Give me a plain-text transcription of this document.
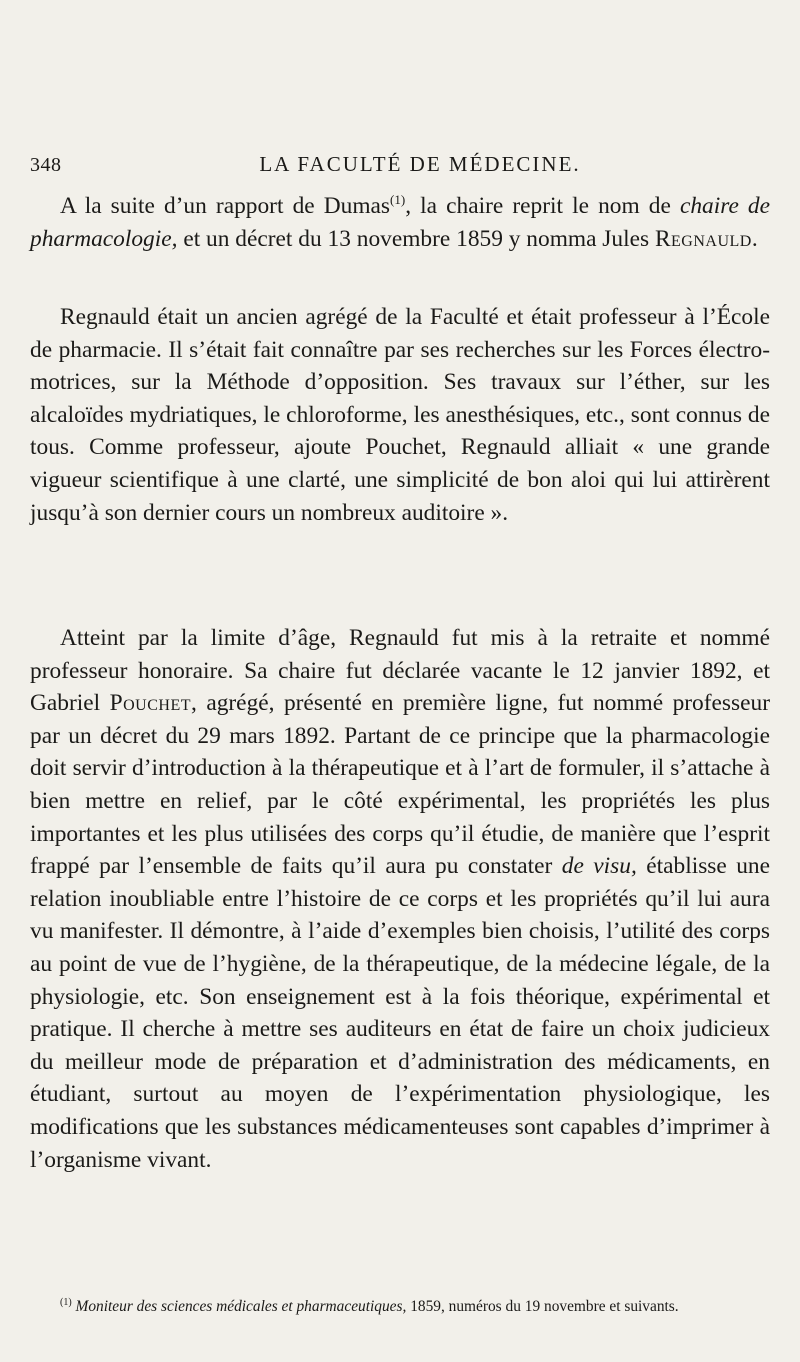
348	LA FACULTÉ DE MÉDECINE.

A la suite d’un rapport de Dumas$^{(1)}$, la chaire reprit le nom de chaire de pharmacologie, et un décret du 13 novembre 1859 y nomma Jules Regnauld.

Regnauld était un ancien agrégé de la Faculté et était professeur à l’École de pharmacie. Il s’était fait connaître par ses recherches sur les Forces électro-motrices, sur la Méthode d’opposition. Ses travaux sur l’éther, sur les alcaloïdes mydriatiques, le chloroforme, les anesthésiques, etc., sont connus de tous. Comme professeur, ajoute Pouchet, Regnauld alliait « une grande vigueur scientifique à une clarté, une simplicité de bon aloi qui lui attirèrent jusqu’à son dernier cours un nombreux auditoire ».

Atteint par la limite d’âge, Regnauld fut mis à la retraite et nommé professeur honoraire. Sa chaire fut déclarée vacante le 12 janvier 1892, et Gabriel Pouchet, agrégé, présenté en première ligne, fut nommé professeur par un décret du 29 mars 1892. Partant de ce principe que la pharmacologie doit servir d’introduction à la thérapeutique et à l’art de formuler, il s’attache à bien mettre en relief, par le côté expérimental, les propriétés les plus importantes et les plus utilisées des corps qu’il étudie, de manière que l’esprit frappé par l’ensemble de faits qu’il aura pu constater de visu, établisse une relation inoubliable entre l’histoire de ce corps et les propriétés qu’il lui aura vu manifester. Il démontre, à l’aide d’exemples bien choisis, l’utilité des corps au point de vue de l’hygiène, de la thérapeutique, de la médecine légale, de la physiologie, etc. Son enseignement est à la fois théorique, expérimental et pratique. Il cherche à mettre ses auditeurs en état de faire un choix judicieux du meilleur mode de préparation et d’administration des médicaments, en étudiant, surtout au moyen de l’expérimentation physiologique, les modifications que les substances médicamenteuses sont capables d’imprimer à l’organisme vivant.

$^{(1)}$ Moniteur des sciences médicales et pharmaceutiques, 1859, numéros du 19 novembre et suivants.
